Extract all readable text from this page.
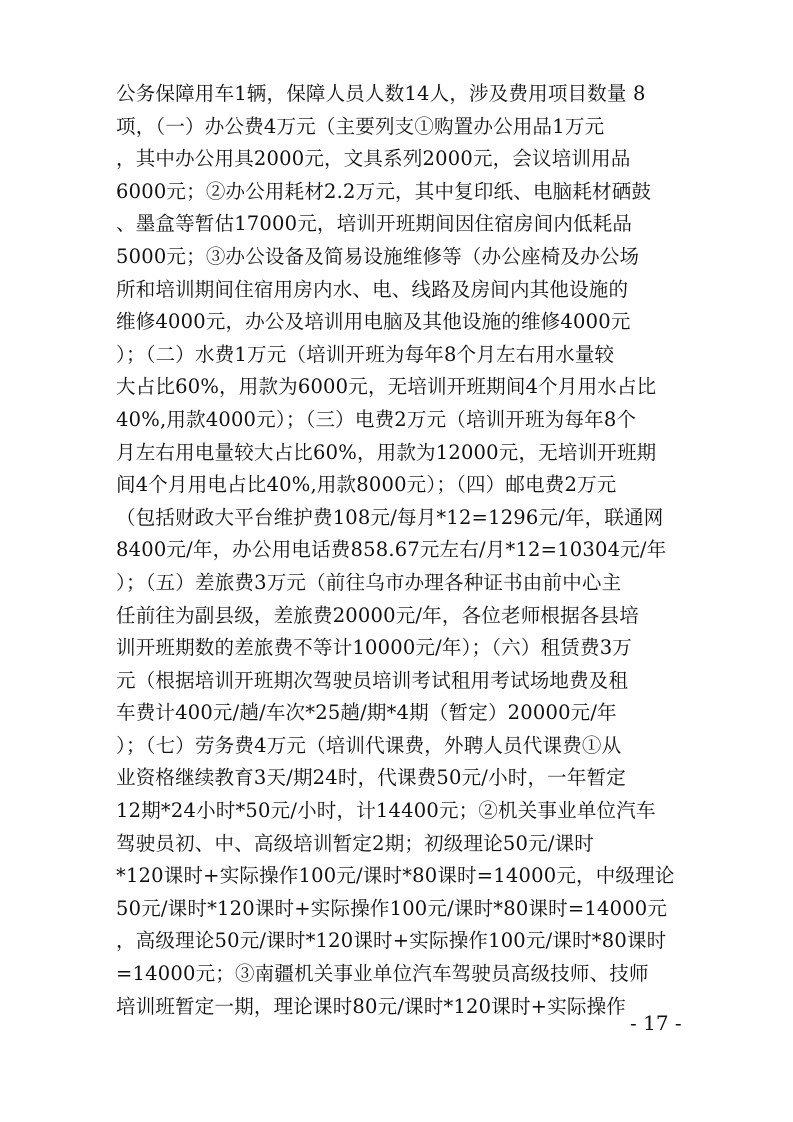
公务保障用车1辆，保障人员人数14人，涉及费用项目数量 8
项，（一）办公费4万元（主要列支①购置办公用品1万元
，其中办公用具2000元，文具系列2000元，会议培训用品
6000元；②办公用耗材2.2万元，其中复印纸、电脑耗材硒鼓
、墨盒等暂估17000元，培训开班期间因住宿房间内低耗品
5000元；③办公设备及简易设施维修等（办公座椅及办公场
所和培训期间住宿用房内水、电、线路及房间内其他设施的
维修4000元，办公及培训用电脑及其他设施的维修4000元
）；（二）水费1万元（培训开班为每年8个月左右用水量较
大占比60%，用款为6000元，无培训开班期间4个月用水占比
40%,用款4000元）；（三）电费2万元（培训开班为每年8个
月左右用电量较大占比60%，用款为12000元，无培训开班期
间4个月用电占比40%,用款8000元）；（四）邮电费2万元
（包括财政大平台维护费108元/每月*12=1296元/年，联通网
8400元/年，办公用电话费858.67元左右/月*12=10304元/年
）；（五）差旅费3万元（前往乌市办理各种证书由前中心主
任前往为副县级，差旅费20000元/年，各位老师根据各县培
训开班期数的差旅费不等计10000元/年）；（六）租赁费3万
元（根据培训开班期次驾驶员培训考试租用考试场地费及租
车费计400元/趟/车次*25趟/期*4期（暂定）20000元/年
）；（七）劳务费4万元（培训代课费，外聘人员代课费①从
业资格继续教育3天/期24时，代课费50元/小时，一年暂定
12期*24小时*50元/小时，计14400元；②机关事业单位汽车
驾驶员初、中、高级培训暂定2期；初级理论50元/课时
*120课时+实际操作100元/课时*80课时=14000元，中级理论
50元/课时*120课时+实际操作100元/课时*80课时=14000元
，高级理论50元/课时*120课时+实际操作100元/课时*80课时
=14000元；③南疆机关事业单位汽车驾驶员高级技师、技师
培训班暂定一期，理论课时80元/课时*120课时+实际操作
- 17 -
